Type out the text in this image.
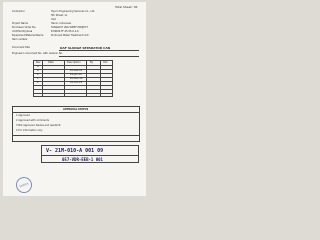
Total Sheet: 36
Contractor	Hyson Engineering Services Co., Ltd.
5th Street, xx
Viet
Project Name	Hanoi, Indonesia
Purchaser Order No.	TANGGUH LNG WMPT PROJECT
Unit/Facility/Area	E-MZ26-FF-25-55-0-1-6
Equipment/Material Name	Produced Water Treatment Unit
Item number
Document title	DAF SLUDGE SEPARATOR CAN
Engineer's document No. with revision No.
Rev	Date	Description	By	Chk
A
B	28-Mar-18
0	29-Jun-18
1	26-Nov-18
2	03-Oct-19
APPROVAL STATUS
1 Approved
2 Approved with comments
3 Not approved. Revise and resubmit
4 For information only
V- 21M-010-A 001 09
057-VDR-EEB-1 001
INDIA
